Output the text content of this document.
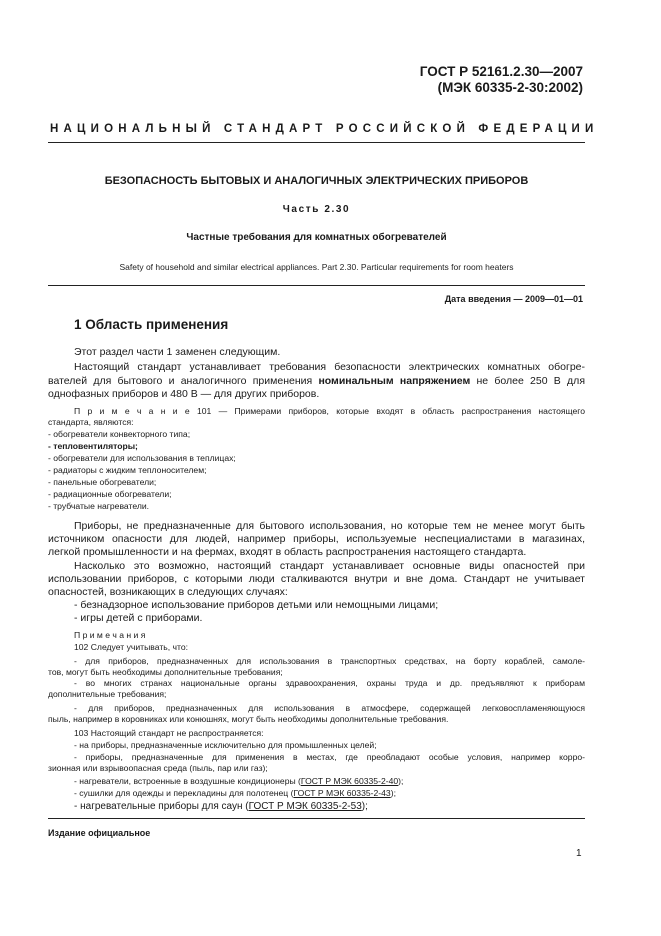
ГОСТ Р 52161.2.30—2007
(МЭК 60335-2-30:2002)
НАЦИОНАЛЬНЫЙ СТАНДАРТ РОССИЙСКОЙ ФЕДЕРАЦИИ
БЕЗОПАСНОСТЬ БЫТОВЫХ И АНАЛОГИЧНЫХ ЭЛЕКТРИЧЕСКИХ ПРИБОРОВ
Часть 2.30
Частные требования для комнатных обогревателей
Safety of household and similar electrical appliances. Part 2.30. Particular requirements for room heaters
Дата введения — 2009—01—01
1 Область применения
Этот раздел части 1 заменен следующим.
Настоящий стандарт устанавливает требования безопасности электрических комнатных обогре-
вателей для бытового и аналогичного применения номинальным напряжением не более 250 В для
однофазных приборов и 480 В — для других приборов.
П р и м е ч а н и е 101 — Примерами приборов, которые входят в область распространения настоящего
стандарта, являются:
- обогреватели конвекторного типа;
- тепловентиляторы;
- обогреватели для использования в теплицах;
- радиаторы с жидким теплоносителем;
- панельные обогреватели;
- радиационные обогреватели;
- трубчатые нагреватели.
Приборы, не предназначенные для бытового использования, но которые тем не менее могут быть
источником опасности для людей, например приборы, используемые неспециалистами в магазинах,
легкой промышленности и на фермах, входят в область распространения настоящего стандарта.
Насколько это возможно, настоящий стандарт устанавливает основные виды опасностей при
использовании приборов, с которыми люди сталкиваются внутри и вне дома. Стандарт не учитывает
опасностей, возникающих в следующих случаях:
- безнадзорное использование приборов детьми или немощными лицами;
- игры детей с приборами.
П р и м е ч а н и я
102 Следует учитывать, что:
- для приборов, предназначенных для использования в транспортных средствах, на борту кораблей, самоле-
тов, могут быть необходимы дополнительные требования;
- во многих странах национальные органы здравоохранения, охраны труда и др. предъявляют к приборам
дополнительные требования;
- для приборов, предназначенных для использования в атмосфере, содержащей легковоспламеняющуюся
пыль, например в коровниках или конюшнях, могут быть необходимы дополнительные требования.
103 Настоящий стандарт не распространяется:
- на приборы, предназначенные исключительно для промышленных целей;
- приборы, предназначенные для применения в местах, где преобладают особые условия, например корро-
зионная или взрывоопасная среда (пыль, пар или газ);
- нагреватели, встроенные в воздушные кондиционеры (ГОСТ Р МЭК 60335-2-40);
- сушилки для одежды и перекладины для полотенец (ГОСТ Р МЭК 60335-2-43);
- нагревательные приборы для саун (ГОСТ Р МЭК 60335-2-53);
Издание официальное
1
